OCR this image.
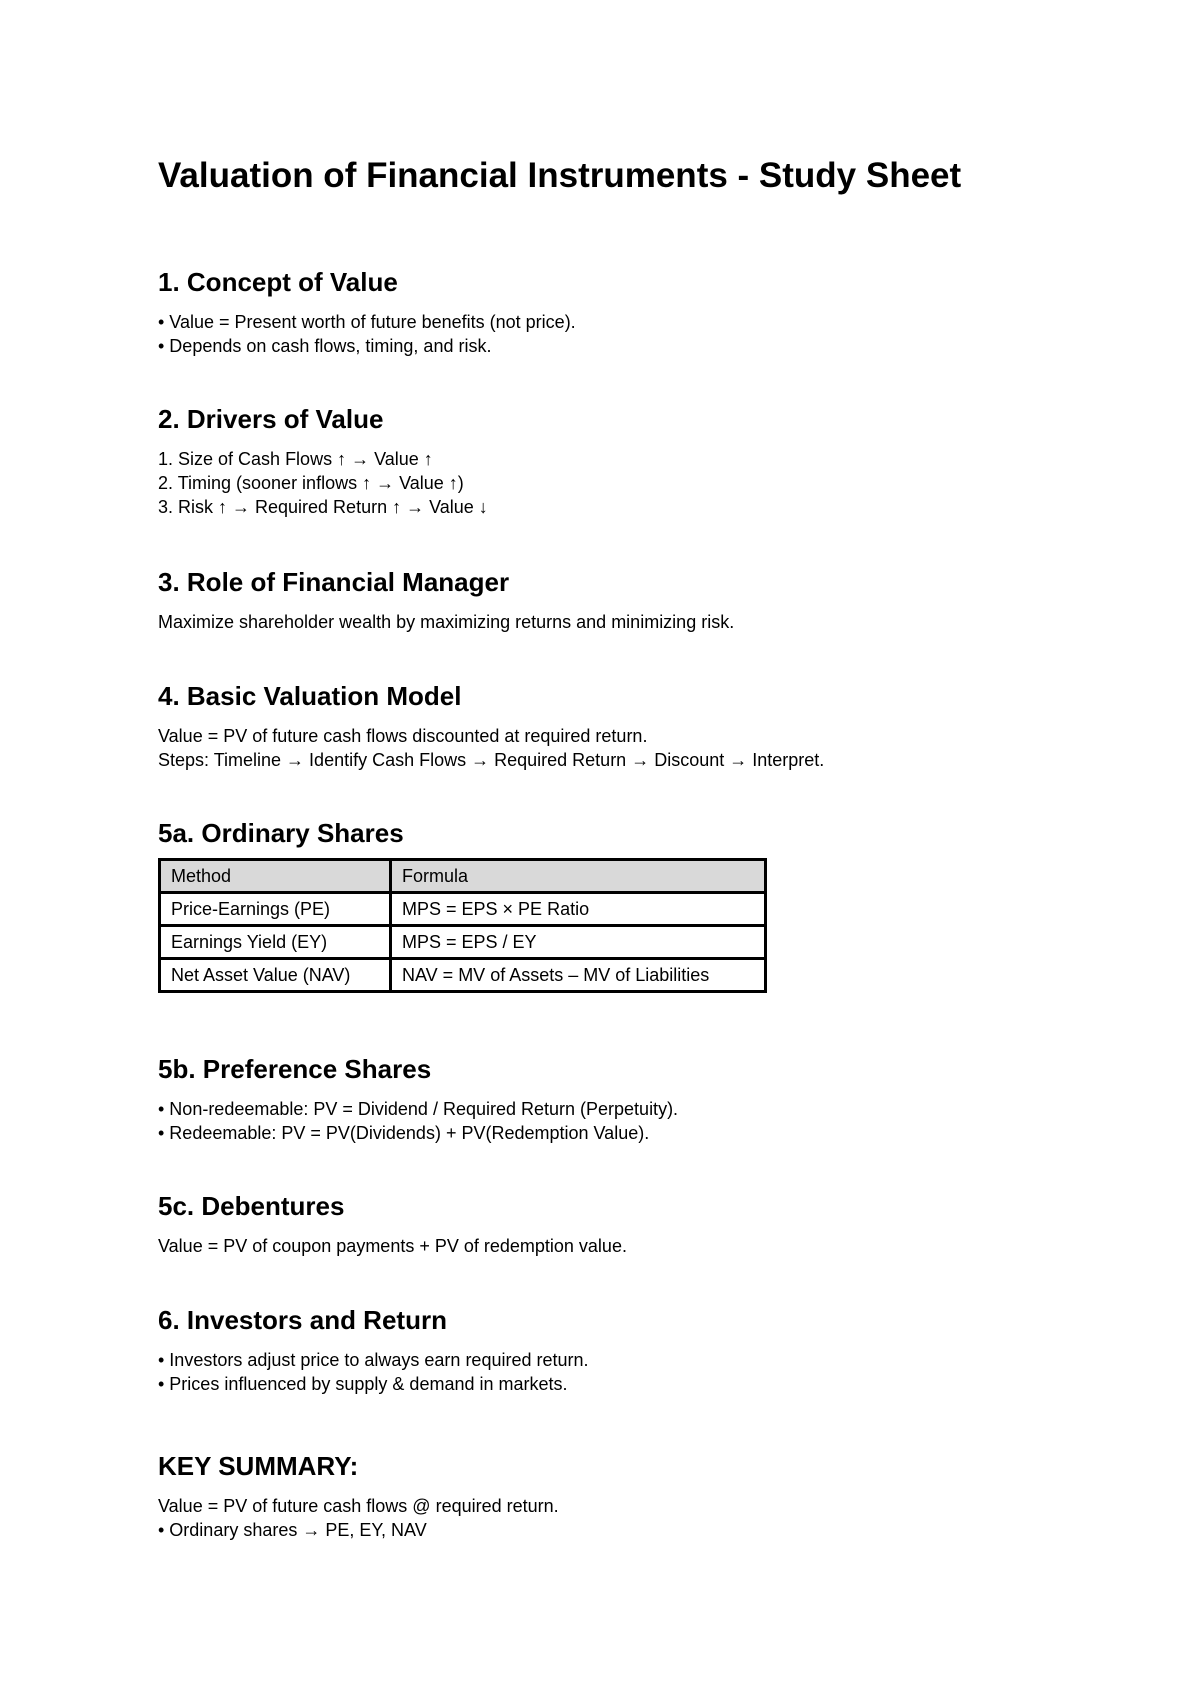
Valuation of Financial Instruments - Study Sheet
1. Concept of Value
• Value = Present worth of future benefits (not price).
• Depends on cash flows, timing, and risk.
2. Drivers of Value
1. Size of Cash Flows ↑ → Value ↑
2. Timing (sooner inflows ↑ → Value ↑)
3. Risk ↑ → Required Return ↑ → Value ↓
3. Role of Financial Manager
Maximize shareholder wealth by maximizing returns and minimizing risk.
4. Basic Valuation Model
Value = PV of future cash flows discounted at required return.
Steps: Timeline → Identify Cash Flows → Required Return → Discount → Interpret.
5a. Ordinary Shares
Method	Formula
Price-Earnings (PE)	MPS = EPS × PE Ratio
Earnings Yield (EY)	MPS = EPS / EY
Net Asset Value (NAV)	NAV = MV of Assets – MV of Liabilities
5b. Preference Shares
• Non-redeemable: PV = Dividend / Required Return (Perpetuity).
• Redeemable: PV = PV(Dividends) + PV(Redemption Value).
5c. Debentures
Value = PV of coupon payments + PV of redemption value.
6. Investors and Return
• Investors adjust price to always earn required return.
• Prices influenced by supply & demand in markets.
KEY SUMMARY:
Value = PV of future cash flows @ required return.
• Ordinary shares → PE, EY, NAV
